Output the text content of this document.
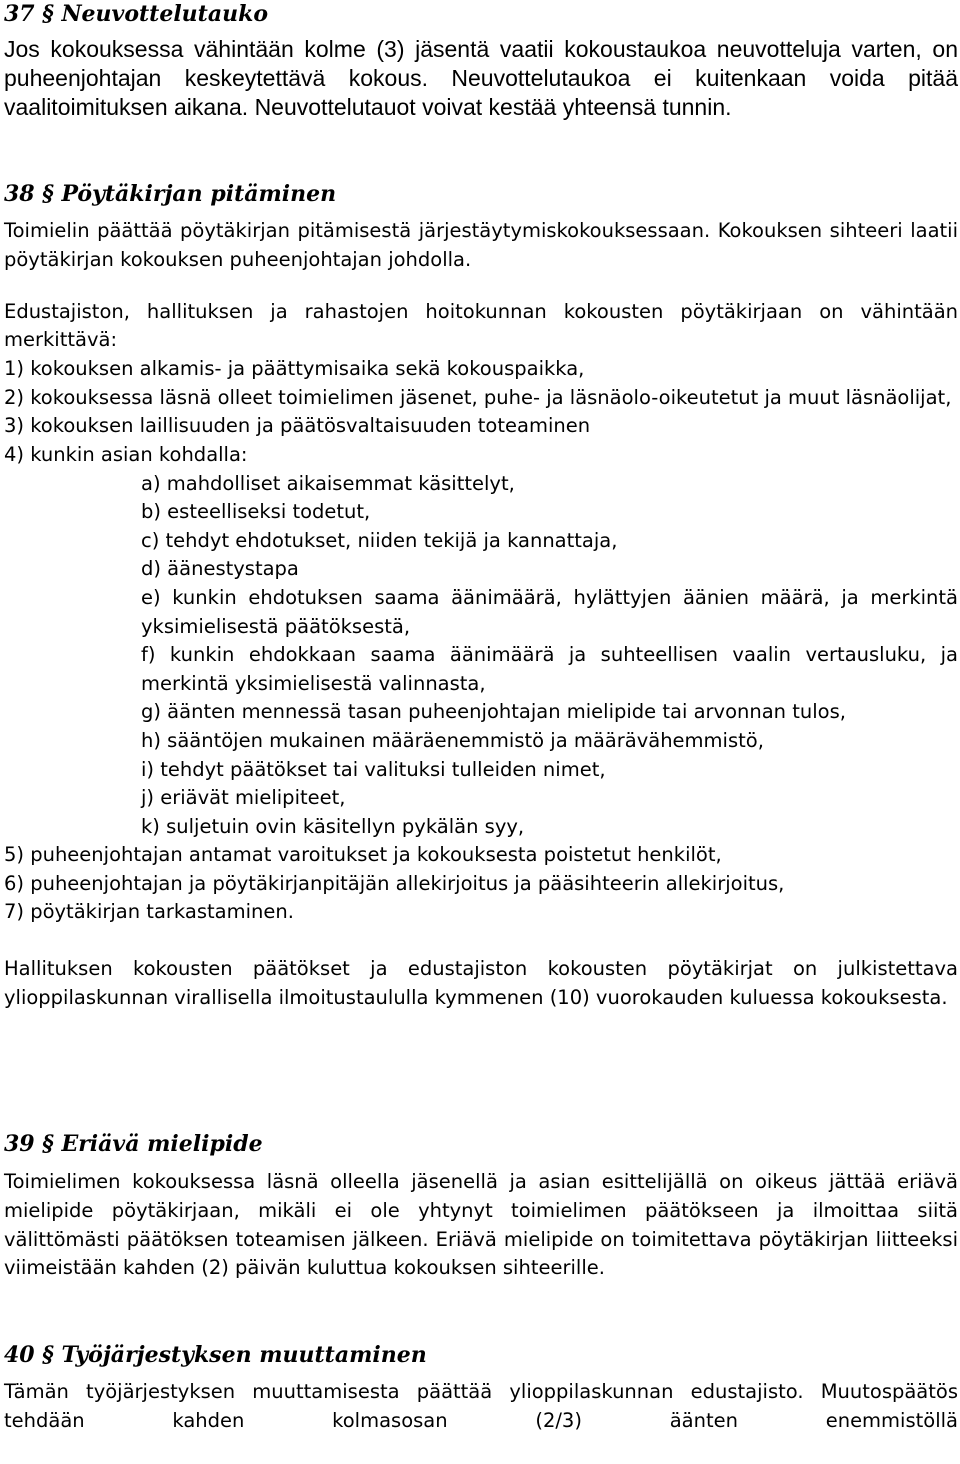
37 § Neuvottelutauko

Jos kokouksessa vähintään kolme (3) jäsentä vaatii kokoustaukoa neuvotteluja varten, on puheenjohtajan keskeytettävä kokous. Neuvottelutaukoa ei kuitenkaan voida pitää vaalitoimituksen aikana. Neuvottelutauot voivat kestää yhteensä tunnin.

38 § Pöytäkirjan pitäminen

Toimielin päättää pöytäkirjan pitämisestä järjestäytymiskokouksessaan. Kokouksen sihteeri laatii pöytäkirjan kokouksen puheenjohtajan johdolla.

Edustajiston, hallituksen ja rahastojen hoitokunnan kokousten pöytäkirjaan on vähintään merkittävä:

1) kokouksen alkamis- ja päättymisaika sekä kokouspaikka,
2) kokouksessa läsnä olleet toimielimen jäsenet, puhe- ja läsnäolo-oikeutetut ja muut läsnäolijat,
3) kokouksen laillisuuden ja päätösvaltaisuuden toteaminen
4) kunkin asian kohdalla:
a) mahdolliset aikaisemmat käsittelyt,
b) esteelliseksi todetut,
c) tehdyt ehdotukset, niiden tekijä ja kannattaja,
d) äänestystapa
e) kunkin ehdotuksen saama äänimäärä, hylättyjen äänien määrä, ja merkintä yksimielisestä päätöksestä,
f) kunkin ehdokkaan saama äänimäärä ja suhteellisen vaalin vertausluku, ja merkintä yksimielisestä valinnasta,
g) äänten mennessä tasan puheenjohtajan mielipide tai arvonnan tulos,
h) sääntöjen mukainen määräenemmistö ja määrävähemmistö,
i) tehdyt päätökset tai valituksi tulleiden nimet,
j) eriävät mielipiteet,
k) suljetuin ovin käsitellyn pykälän syy,
5) puheenjohtajan antamat varoitukset ja kokouksesta poistetut henkilöt,
6) puheenjohtajan ja pöytäkirjanpitäjän allekirjoitus ja pääsihteerin allekirjoitus,
7) pöytäkirjan tarkastaminen.

Hallituksen kokousten päätökset ja edustajiston kokousten pöytäkirjat on julkistettava ylioppilaskunnan virallisella ilmoitustaululla kymmenen (10) vuorokauden kuluessa kokouksesta.

39 § Eriävä mielipide

Toimielimen kokouksessa läsnä olleella jäsenellä ja asian esittelijällä on oikeus jättää eriävä mielipide pöytäkirjaan, mikäli ei ole yhtynyt toimielimen päätökseen ja ilmoittaa siitä välittömästi päätöksen toteamisen jälkeen. Eriävä mielipide on toimitettava pöytäkirjan liitteeksi viimeistään kahden (2) päivän kuluttua kokouksen sihteerille.

40 § Työjärjestyksen muuttaminen

Tämän työjärjestyksen muuttamisesta päättää ylioppilaskunnan edustajisto. Muutospäätös tehdään kahden kolmasosan (2/3) äänten enemmistöllä
